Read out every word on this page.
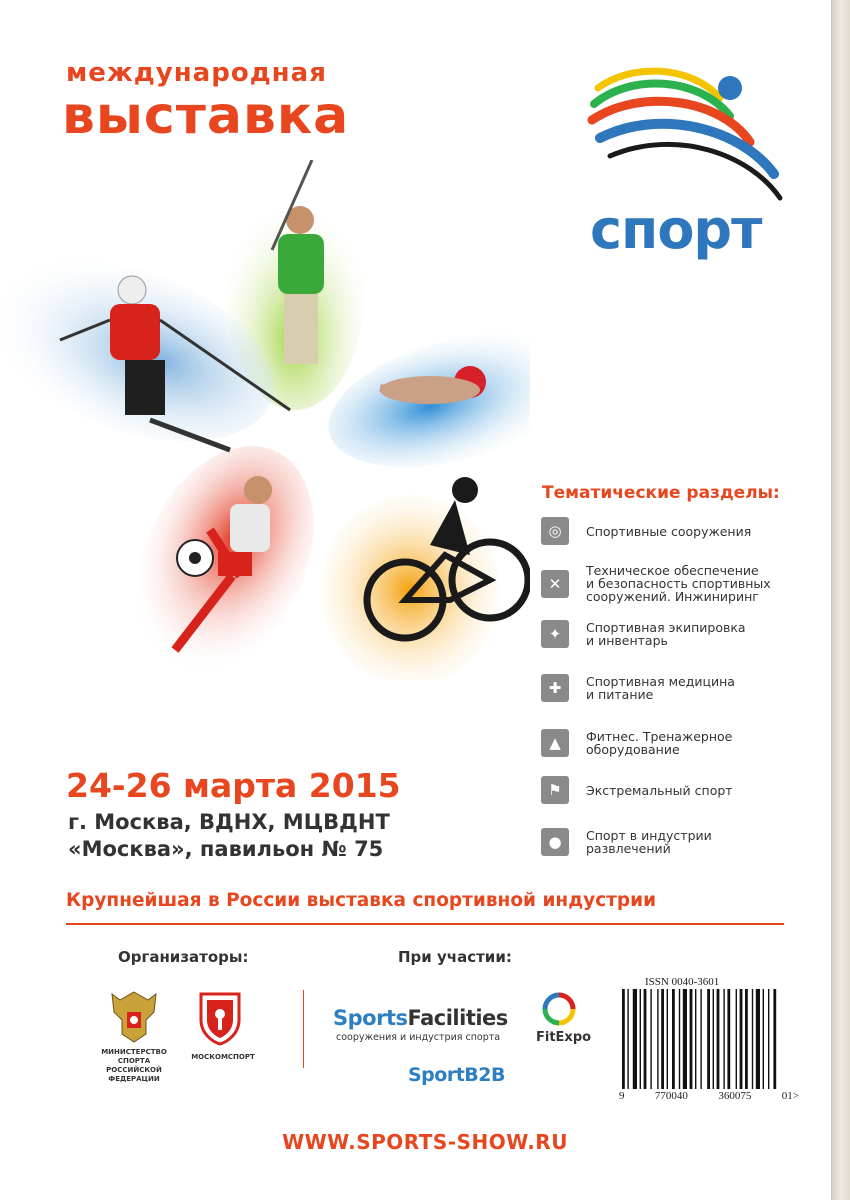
международная
выставка
спорт
24-26 марта 2015
г. Москва, ВДНХ, МЦВДНТ
«Москва», павильон № 75
Тематические разделы:
◎	Спортивные сооружения
✕
Техническое обеспечение
и безопасность спортивных
сооружений. Инжиниринг
✦	Спортивная экипировка
и инвентарь
✚	Спортивная медицина
и питание
▲	Фитнес. Тренажерное
оборудование
⚑	Экстремальный спорт
●	Спорт в индустрии развлечений
Крупнейшая в России выставка спортивной индустрии
Организаторы:	При участии:
МИНИСТЕРСТВО
СПОРТА
РОССИЙСКОЙ
ФЕДЕРАЦИИ
МОСКОМСПОРТ
SportsFacilities
сооружения и индустрия спорта	FitExpo
SportB2B
ISSN 0040-3601
9	770040	360075	01>
WWW.SPORTS-SHOW.RU
